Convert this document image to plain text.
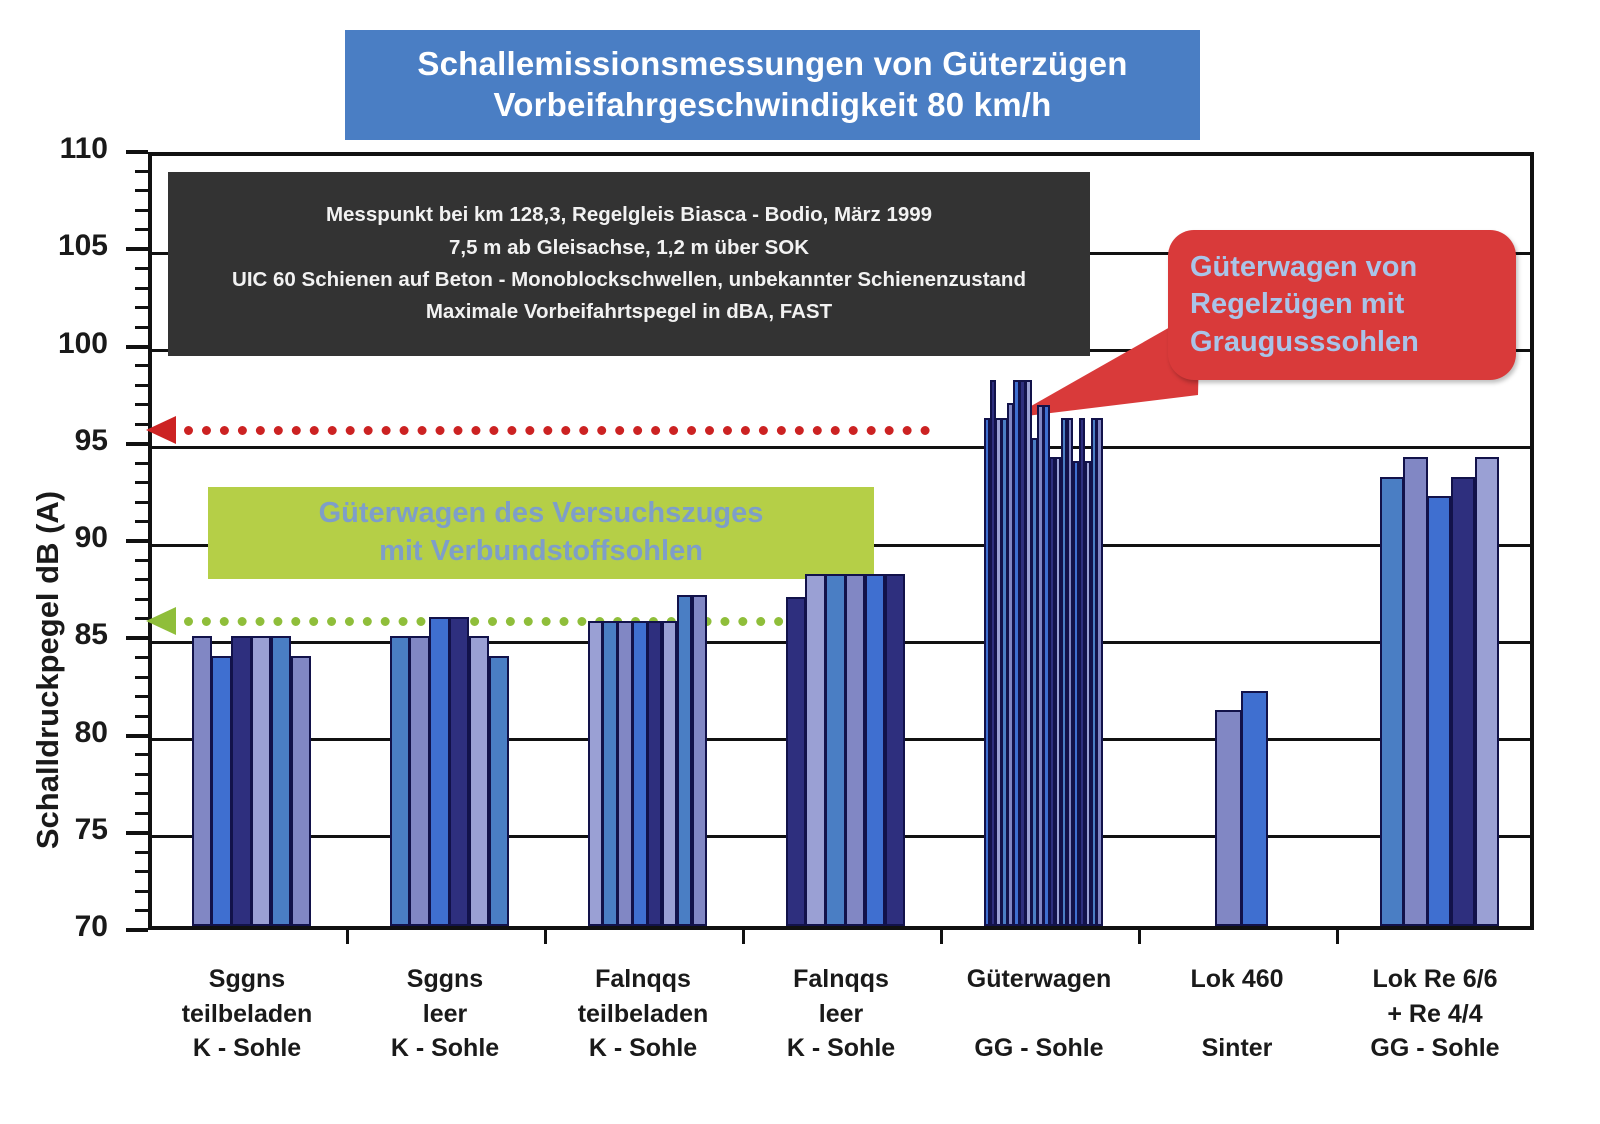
Schallemissionsmessungen von Güterzügen
Vorbeifahrgeschwindigkeit 80 km/h
Schalldruckpegel dB (A)
70
75
80
85
90
95
100
105
110
Sggns
teilbeladen
K - Sohle
Sggns
leer
K - Sohle
Falnqqs
teilbeladen
K - Sohle
Falnqqs
leer
K - Sohle
Güterwagen

GG - Sohle
Lok 460

Sinter
Lok Re 6/6
+ Re 4/4
GG - Sohle
Messpunkt bei km 128,3, Regelgleis Biasca - Bodio, März 1999
7,5 m ab Gleisachse, 1,2 m über SOK
UIC 60 Schienen auf Beton - Monoblockschwellen, unbekannter Schienenzustand
Maximale Vorbeifahrtspegel in dBA, FAST
Güterwagen von
Regelzügen mit
Graugusssohlen
Güterwagen des Versuchszuges
mit Verbundstoffsohlen
